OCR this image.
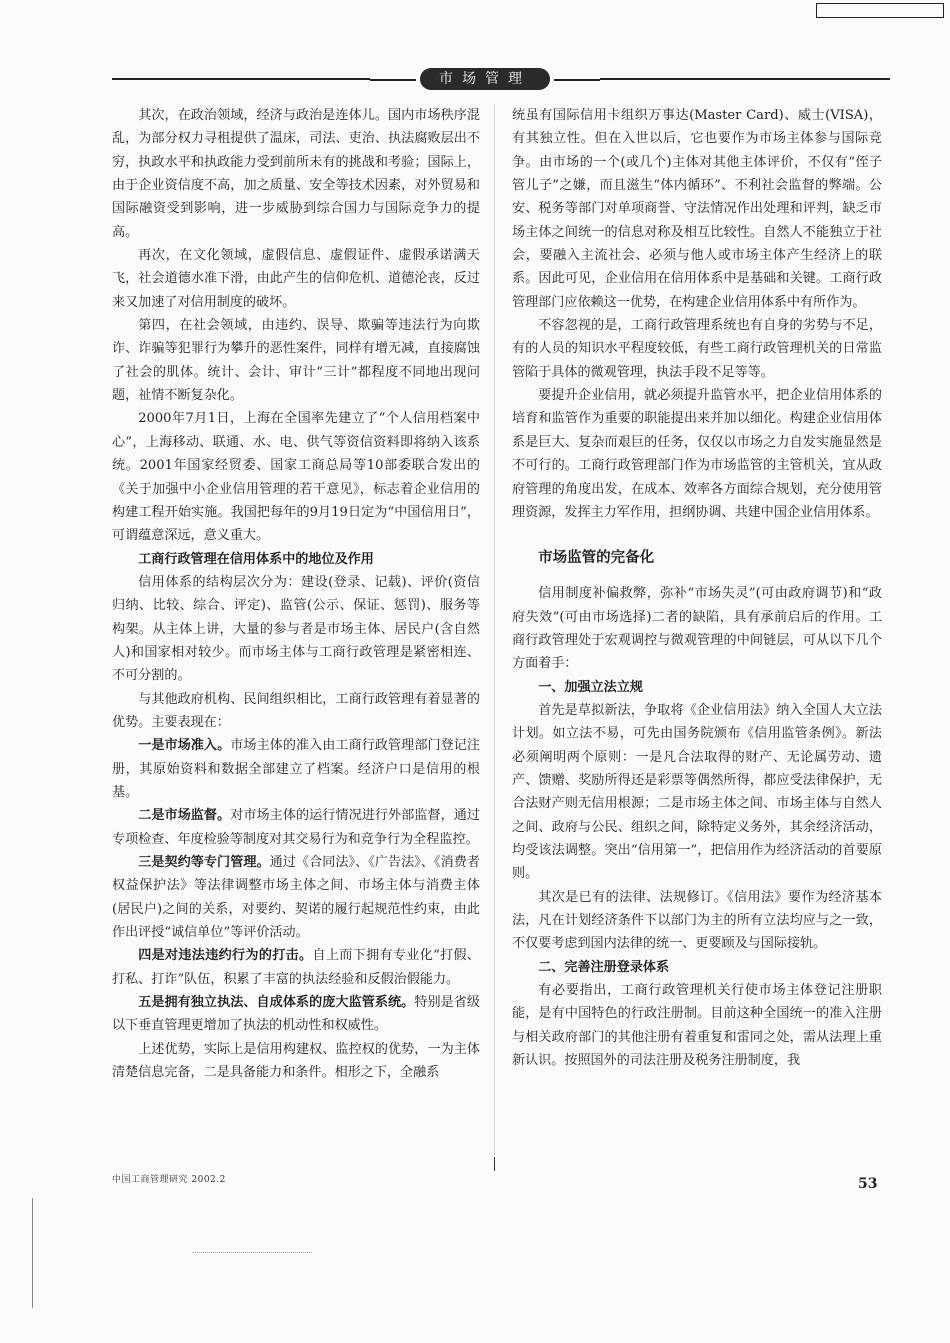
市场管理

其次，在政治领域，经济与政治是连体儿。国内市场秩序混乱，为部分权力寻租提供了温床，司法、吏治、执法腐败层出不穷，执政水平和执政能力受到前所未有的挑战和考验；国际上，由于企业资信度不高，加之质量、安全等技术因素，对外贸易和国际融资受到影响，进一步威胁到综合国力与国际竞争力的提高。

再次，在文化领域，虚假信息、虚假证件、虚假承诺满天飞，社会道德水准下滑，由此产生的信仰危机、道德沦丧，反过来又加速了对信用制度的破坏。

第四，在社会领域，由违约、误导、欺骗等违法行为向欺诈、诈骗等犯罪行为攀升的恶性案件，同样有增无减，直接腐蚀了社会的肌体。统计、会计、审计“三计”都程度不同地出现问题，祉情不断复杂化。

2000年7月1日，上海在全国率先建立了“个人信用档案中心”，上海移动、联通、水、电、供气等资信资料即将纳入该系统。2001年国家经贸委、国家工商总局等10部委联合发出的《关于加强中小企业信用管理的若干意见》，标志着企业信用的构建工程开始实施。我国把每年的9月19日定为“中国信用日”，可谓蕴意深远，意义重大。

工商行政管理在信用体系中的地位及作用

信用体系的结构层次分为：建设(登录、记载)、评价(资信归纳、比较、综合、评定)、监管(公示、保证、惩罚)、服务等构架。从主体上讲，大量的参与者是市场主体、居民户(含自然人)和国家相对较少。而市场主体与工商行政管理是紧密相连、不可分割的。

与其他政府机构、民间组织相比，工商行政管理有着显著的优势。主要表现在：

一是市场准入。市场主体的准入由工商行政管理部门登记注册，其原始资料和数据全部建立了档案。经济户口是信用的根基。

二是市场监督。对市场主体的运行情况进行外部监督，通过专项检查、年度检验等制度对其交易行为和竞争行为全程监控。

三是契约等专门管理。通过《合同法》、《广告法》、《消费者权益保护法》等法律调整市场主体之间、市场主体与消费主体(居民户)之间的关系，对要约、契诺的履行起规范性约束，由此作出评授“诚信单位”等评价活动。

四是对违法违约行为的打击。自上而下拥有专业化“打假、打私、打诈”队伍，积累了丰富的执法经验和反假治假能力。

五是拥有独立执法、自成体系的庞大监管系统。特别是省级以下垂直管理更增加了执法的机动性和权威性。

上述优势，实际上是信用构建权、监控权的优势，一为主体清楚信息完备，二是具备能力和条件。相形之下，全融系

统虽有国际信用卡组织万事达(Master Card)、威士(VISA)，有其独立性。但在入世以后，它也要作为市场主体参与国际竞争。由市场的一个(或几个)主体对其他主体评价，不仅有“侄子管儿子”之嫌，而且滋生“体内循环”、不利社会监督的弊端。公安、税务等部门对单项商誉、守法情况作出处理和评判，缺乏市场主体之间统一的信息对称及相互比较性。自然人不能独立于社会，要融入主流社会、必须与他人或市场主体产生经济上的联系。因此可见，企业信用在信用体系中是基础和关键。工商行政管理部门应依赖这一优势，在构建企业信用体系中有所作为。

不容忽视的是，工商行政管理系统也有自身的劣势与不足，有的人员的知识水平程度较低，有些工商行政管理机关的日常监管陷于具体的微观管理，执法手段不足等等。

要提升企业信用，就必须提升监管水平，把企业信用体系的培育和监管作为重要的职能提出来并加以细化。构建企业信用体系是巨大、复杂而艰巨的任务，仅仅以市场之力自发实施显然是不可行的。工商行政管理部门作为市场监管的主管机关，宜从政府管理的角度出发，在成本、效率各方面综合规划，充分使用管理资源，发挥主力军作用，担纲协调、共建中国企业信用体系。

市场监管的完备化

信用制度补偏救弊，弥补“市场失灵”(可由政府调节)和“政府失效”(可由市场选择)二者的缺陷，具有承前启后的作用。工商行政管理处于宏观调控与微观管理的中间链层，可从以下几个方面着手：

一、加强立法立规

首先是草拟新法，争取将《企业信用法》纳入全国人大立法计划。如立法不易，可先由国务院颁布《信用监管条例》。新法必须阐明两个原则：一是凡合法取得的财产、无论属劳动、遗产、馈赠、奖励所得还是彩票等偶然所得，都应受法律保护，无合法财产则无信用根源；二是市场主体之间、市场主体与自然人之间、政府与公民、组织之间，除特定义务外，其余经济活动，均受该法调整。突出“信用第一”，把信用作为经济活动的首要原则。

其次是已有的法律、法规修订。《信用法》要作为经济基本法，凡在计划经济条件下以部门为主的所有立法均应与之一致，不仅要考虑到国内法律的统一、更要顾及与国际接轨。

二、完善注册登录体系

有必要指出，工商行政管理机关行使市场主体登记注册职能，是有中国特色的行政注册制。目前这种全国统一的准入注册与相关政府部门的其他注册有着重复和雷同之处，需从法理上重新认识。按照国外的司法注册及税务注册制度，我

中国工商管理研究 2002.2	53
